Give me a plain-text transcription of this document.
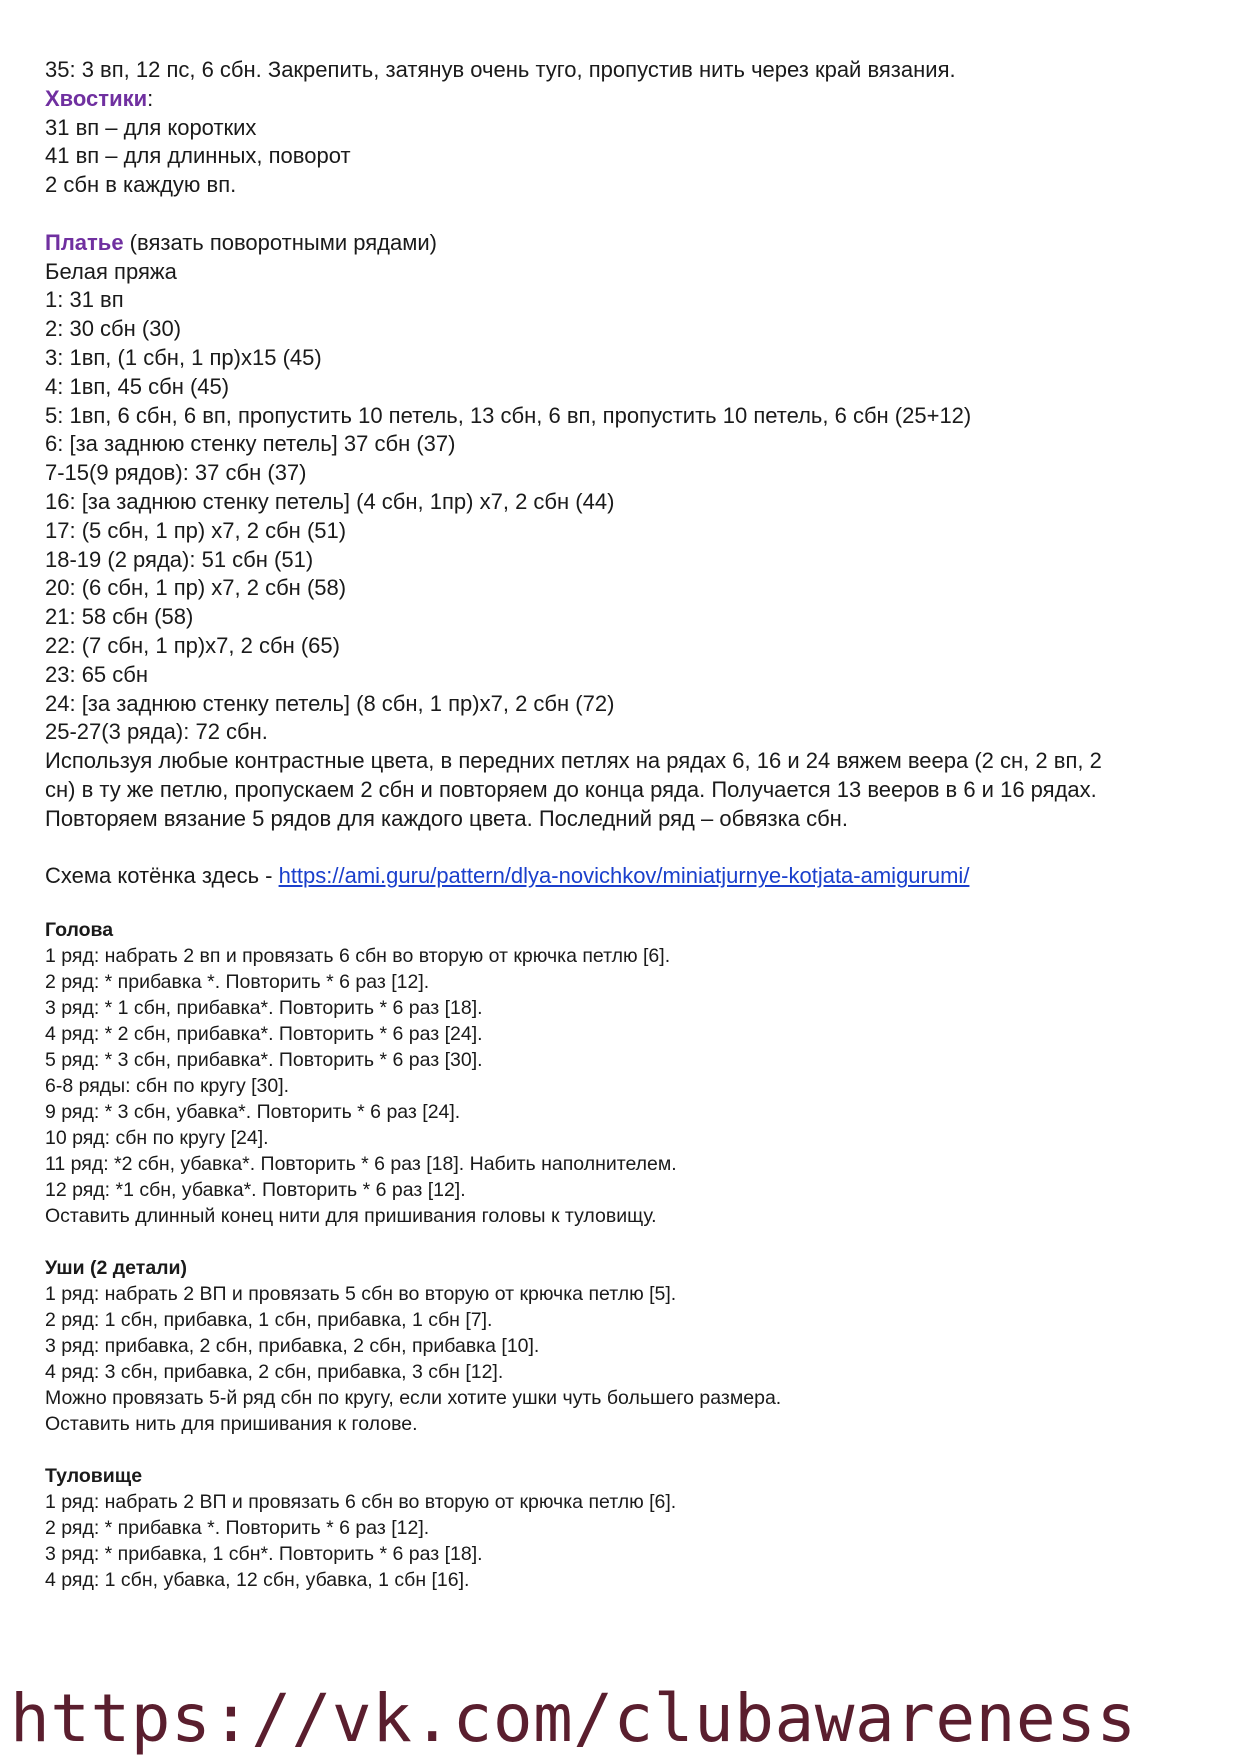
35: 3 вп, 12 пс, 6 сбн. Закрепить, затянув очень туго, пропустив нить через край вязания.

Хвостики:

31 вп – для коротких

41 вп – для длинных, поворот

2 сбн в каждую вп.

Платье (вязать поворотными рядами)

Белая пряжа

1: 31 вп

2: 30 сбн (30)

3: 1вп, (1 сбн, 1 пр)х15 (45)

4: 1вп, 45 сбн (45)

5: 1вп, 6 сбн, 6 вп, пропустить 10 петель, 13 сбн, 6 вп, пропустить 10 петель, 6 сбн (25+12)

6: [за заднюю стенку петель] 37 сбн (37)

7-15(9 рядов): 37 сбн (37)

16: [за заднюю стенку петель] (4 сбн, 1пр) х7, 2 сбн (44)

17: (5 сбн, 1 пр) х7, 2 сбн (51)

18-19 (2 ряда): 51 сбн (51)

20: (6 сбн, 1 пр) х7, 2 сбн (58)

21: 58 сбн (58)

22: (7 сбн, 1 пр)х7, 2 сбн (65)

23: 65 сбн

24: [за заднюю стенку петель] (8 сбн, 1 пр)х7, 2 сбн (72)

25-27(3 ряда): 72 сбн.

Используя любые контрастные цвета, в передних петлях на рядах 6, 16 и 24 вяжем веера (2 сн, 2 вп, 2 сн) в ту же петлю, пропускаем 2 сбн и повторяем до конца ряда. Получается 13 вееров в 6 и 16 рядах. Повторяем вязание 5 рядов для каждого цвета. Последний ряд – обвязка сбн.

Схема котёнка здесь - https://ami.guru/pattern/dlya-novichkov/miniatjurnye-kotjata-amigurumi/

Голова

1 ряд: набрать 2 вп и провязать 6 сбн во вторую от крючка петлю [6].

2 ряд: * прибавка *. Повторить * 6 раз [12].

3 ряд: * 1 сбн, прибавка*. Повторить * 6 раз [18].

4 ряд: * 2 сбн, прибавка*. Повторить * 6 раз [24].

5 ряд: * 3 сбн, прибавка*. Повторить * 6 раз [30].

6-8 ряды: сбн по кругу [30].

9 ряд: * 3 сбн, убавка*. Повторить * 6 раз [24].

10 ряд: сбн по кругу [24].

11 ряд: *2 сбн, убавка*. Повторить * 6 раз [18]. Набить наполнителем.

12 ряд: *1 сбн, убавка*. Повторить * 6 раз [12].

Оставить длинный конец нити для пришивания головы к туловищу.

Уши (2 детали)

1 ряд: набрать 2 ВП и провязать 5 сбн во вторую от крючка петлю [5].

2 ряд: 1 сбн, прибавка, 1 сбн, прибавка, 1 сбн [7].

3 ряд: прибавка, 2 сбн, прибавка, 2 сбн, прибавка [10].

4 ряд: 3 сбн, прибавка, 2 сбн, прибавка, 3 сбн [12].

Можно провязать 5-й ряд сбн по кругу, если хотите ушки чуть большего размера.

Оставить нить для пришивания к голове.

Туловище

1 ряд: набрать 2 ВП и провязать 6 сбн во вторую от крючка петлю [6].

2 ряд: * прибавка *. Повторить * 6 раз [12].

3 ряд: * прибавка, 1 сбн*. Повторить * 6 раз [18].

4 ряд: 1 сбн, убавка, 12 сбн, убавка, 1 сбн [16].

https://vk.com/clubawareness
